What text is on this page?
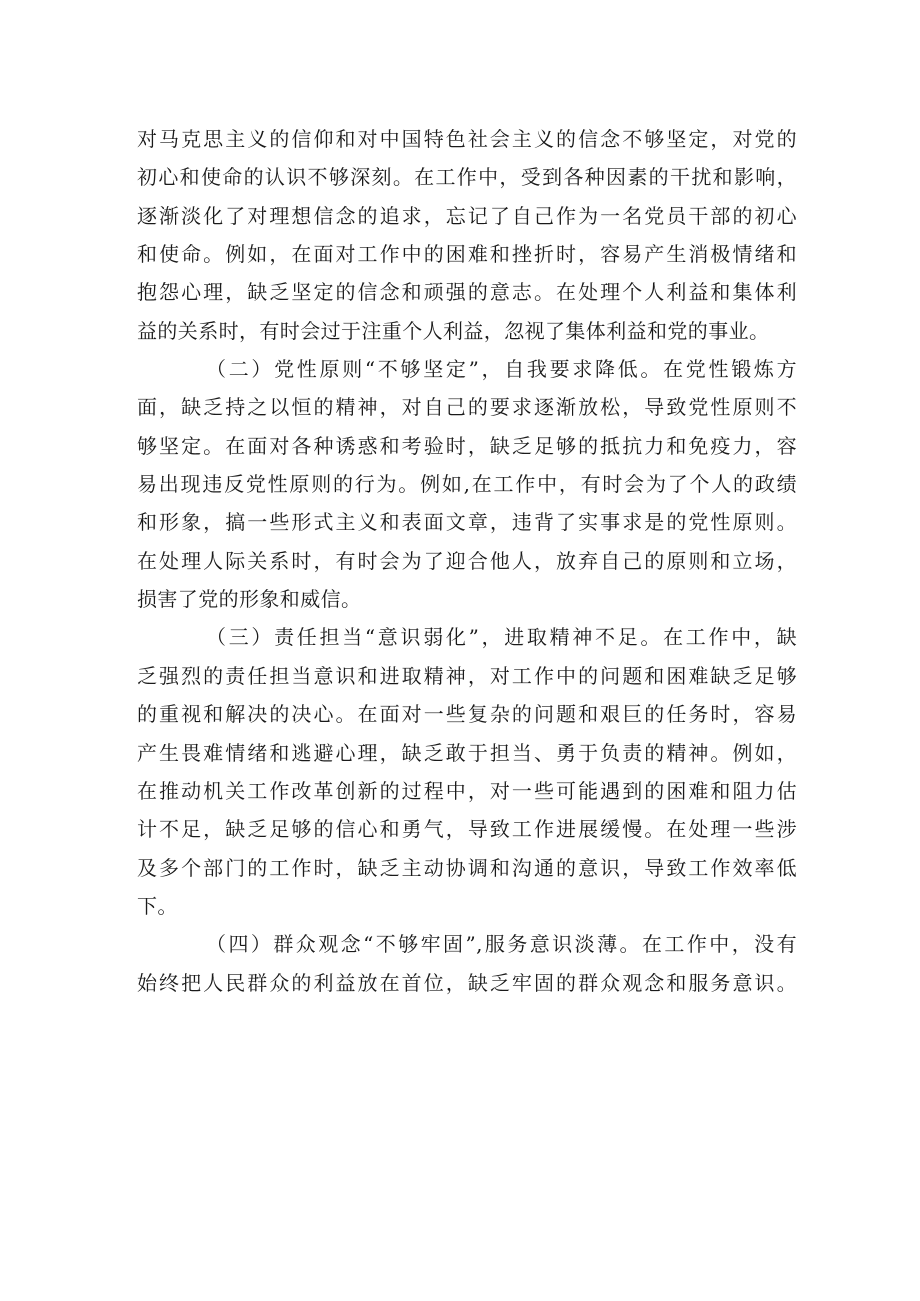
对马克思主义的信仰和对中国特色社会主义的信念不够坚定，对党的
初心和使命的认识不够深刻。在工作中，受到各种因素的干扰和影响，
逐渐淡化了对理想信念的追求，忘记了自己作为一名党员干部的初心
和使命。例如，在面对工作中的困难和挫折时，容易产生消极情绪和
抱怨心理，缺乏坚定的信念和顽强的意志。在处理个人利益和集体利
益的关系时，有时会过于注重个人利益，忽视了集体利益和党的事业。
（二）党性原则“不够坚定”，自我要求降低。在党性锻炼方
面，缺乏持之以恒的精神，对自己的要求逐渐放松，导致党性原则不
够坚定。在面对各种诱惑和考验时，缺乏足够的抵抗力和免疫力，容
易出现违反党性原则的行为。例如,在工作中，有时会为了个人的政绩
和形象，搞一些形式主义和表面文章，违背了实事求是的党性原则。
在处理人际关系时，有时会为了迎合他人，放弃自己的原则和立场，
损害了党的形象和威信。
（三）责任担当“意识弱化”，进取精神不足。在工作中，缺
乏强烈的责任担当意识和进取精神，对工作中的问题和困难缺乏足够
的重视和解决的决心。在面对一些复杂的问题和艰巨的任务时，容易
产生畏难情绪和逃避心理，缺乏敢于担当、勇于负责的精神。例如，
在推动机关工作改革创新的过程中，对一些可能遇到的困难和阻力估
计不足，缺乏足够的信心和勇气，导致工作进展缓慢。在处理一些涉
及多个部门的工作时，缺乏主动协调和沟通的意识，导致工作效率低
下。
（四）群众观念“不够牢固”,服务意识淡薄。在工作中，没有
始终把人民群众的利益放在首位，缺乏牢固的群众观念和服务意识。
